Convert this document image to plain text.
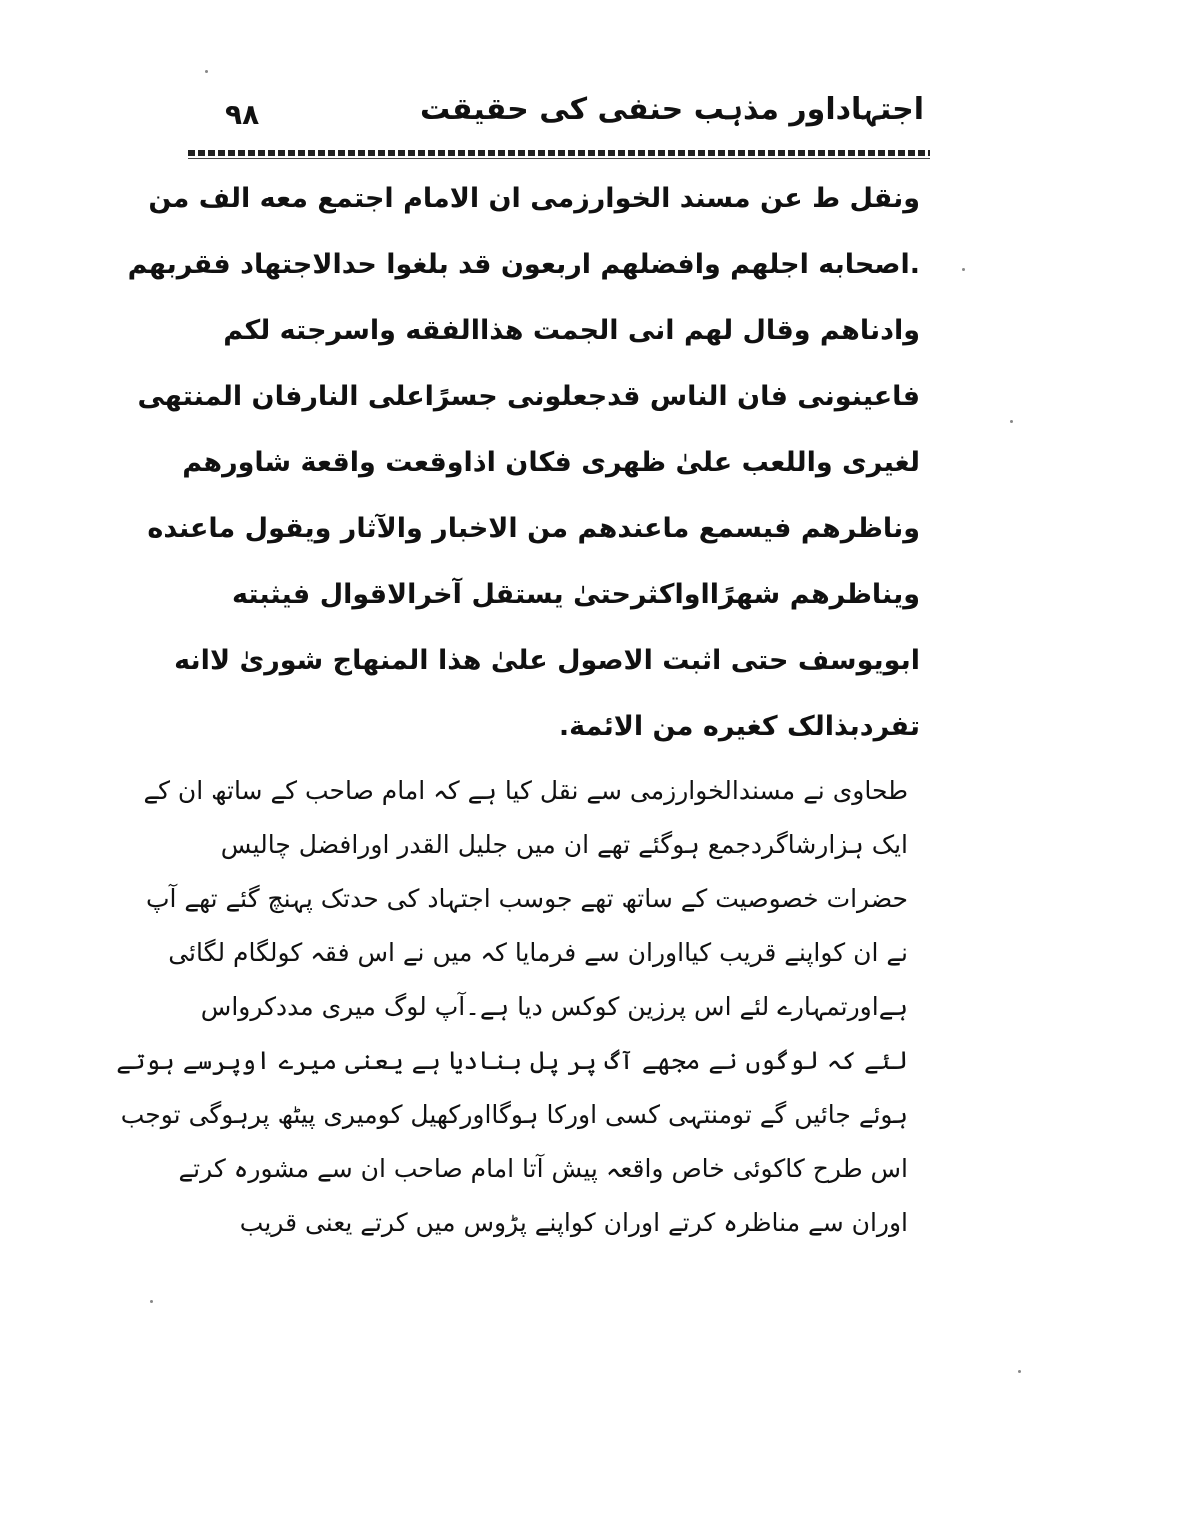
اجتہاداور مذہب حنفی کی حقیقت
۹۸
ونقل ط عن مسند الخوارزمی ان الامام اجتمع معه الف من
.اصحابه اجلهم وافضلهم اربعون قد بلغوا حدالاجتهاد فقربهم
وادناهم وقال لهم انی الجمت هذاالفقه واسرجته لکم
فاعینونی فان الناس قدجعلونی جسرًاعلی النارفان المنتهی
لغیری واللعب علیٰ ظهری فکان اذاوقعت واقعة شاورهم
وناظرهم فیسمع ماعندهم من الاخبار والآثار ویقول ماعنده
ویناظرهم شهرًااواکثرحتیٰ یستقل آخرالاقوال فیثبته
ابویوسف حتی اثبت الاصول علیٰ هذا المنهاج شوریٰ لاانه
تفردبذالک کغیره من الائمة.
طحاوی نے مسندالخوارزمی سے نقل کیا ہے کہ امام صاحب کے ساتھ ان کے
ایک ہزارشاگردجمع ہوگئے تھے ان میں جلیل القدر اورافضل چالیس
حضرات خصوصیت کے ساتھ تھے جوسب اجتہاد کی حدتک پہنچ گئے تھے آپ
نے ان کواپنے قریب کیااوران سے فرمایا کہ میں نے اس فقہ کولگام لگائی
ہےاورتمہارے لئے اس پرزین کوکس دیا ہے۔آپ لوگ میری مددکرواس
لئے کہ لوگوں نے مجھے آگ پر پل بنادیا ہے یعنی میرے اوپرسے ہوتے
ہوئے جائیں گے تومنتہی کسی اورکا ہوگااورکھیل کومیری پیٹھ پرہوگی توجب
اس طرح کاکوئی خاص واقعہ پیش آتا امام صاحب ان سے مشورہ کرتے
اوران سے مناظرہ کرتے اوران کواپنے پڑوس میں کرتے یعنی قریب
